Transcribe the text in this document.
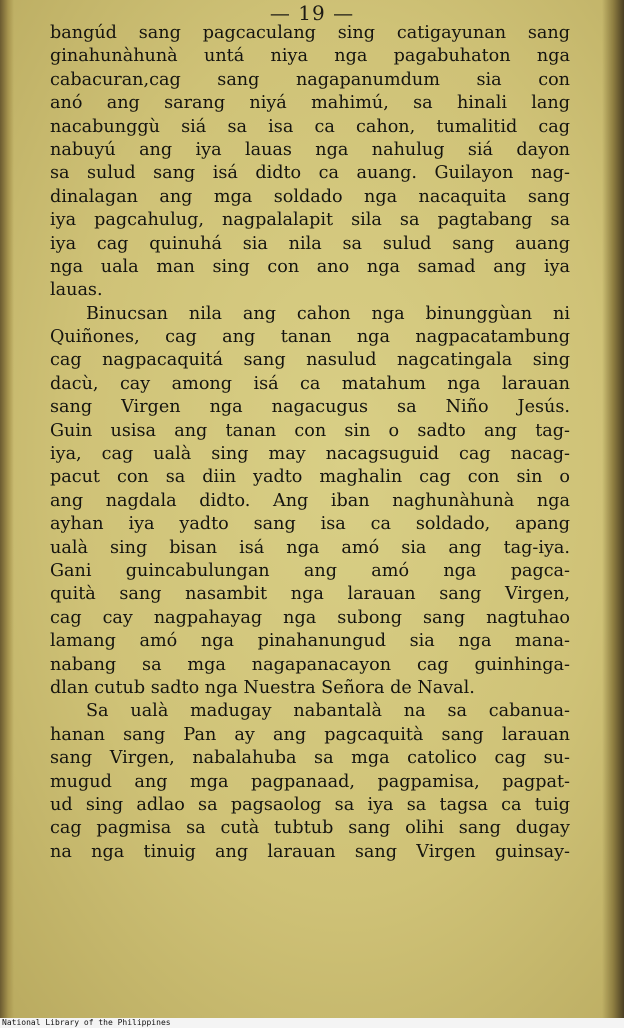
— 19 —
bangúd sang pagcaculang sing catigayunan sang
ginahunàhunà untá niya nga pagabuhaton nga
cabacuran,cag sang nagapanumdum sia con
anó ang sarang niyá mahimú, sa hinali lang
nacabunggù siá sa isa ca cahon, tumalitid cag
nabuyú ang iya lauas nga nahulug siá dayon
sa sulud sang isá didto ca auang. Guilayon nag-
dinalagan ang mga soldado nga nacaquita sang
iya pagcahulug, nagpalalapit sila sa pagtabang sa
iya cag quinuhá sia nila sa sulud sang auang
nga uala man sing con ano nga samad ang iya
lauas.
Binucsan nila ang cahon nga binunggùan ni
Quiñones, cag ang tanan nga nagpacatambung
cag nagpacaquitá sang nasulud nagcatingala sing
dacù, cay among isá ca matahum nga larauan
sang Virgen nga nagacugus sa Niño Jesús.
Guin usisa ang tanan con sin o sadto ang tag-
iya, cag ualà sing may nacagsuguid cag nacag-
pacut con sa diin yadto maghalin cag con sin o
ang nagdala didto. Ang iban naghunàhunà nga
ayhan iya yadto sang isa ca soldado, apang
ualà sing bisan isá nga amó sia ang tag-iya.
Gani guincabulungan ang amó nga pagca-
quità sang nasambit nga larauan sang Virgen,
cag cay nagpahayag nga subong sang nagtuhao
lamang amó nga pinahanungud sia nga mana-
nabang sa mga nagapanacayon cag guinhinga-
dlan cutub sadto nga Nuestra Señora de Naval.
Sa ualà madugay nabantalà na sa cabanua-
hanan sang Pan ay ang pagcaquità sang larauan
sang Virgen, nabalahuba sa mga catolico cag su-
mugud ang mga pagpanaad, pagpamisa, pagpat-
ud sing adlao sa pagsaolog sa iya sa tagsa ca tuig
cag pagmisa sa cutà tubtub sang olihi sang dugay
na nga tinuig ang larauan sang Virgen guinsay-
National Library of the Philippines
